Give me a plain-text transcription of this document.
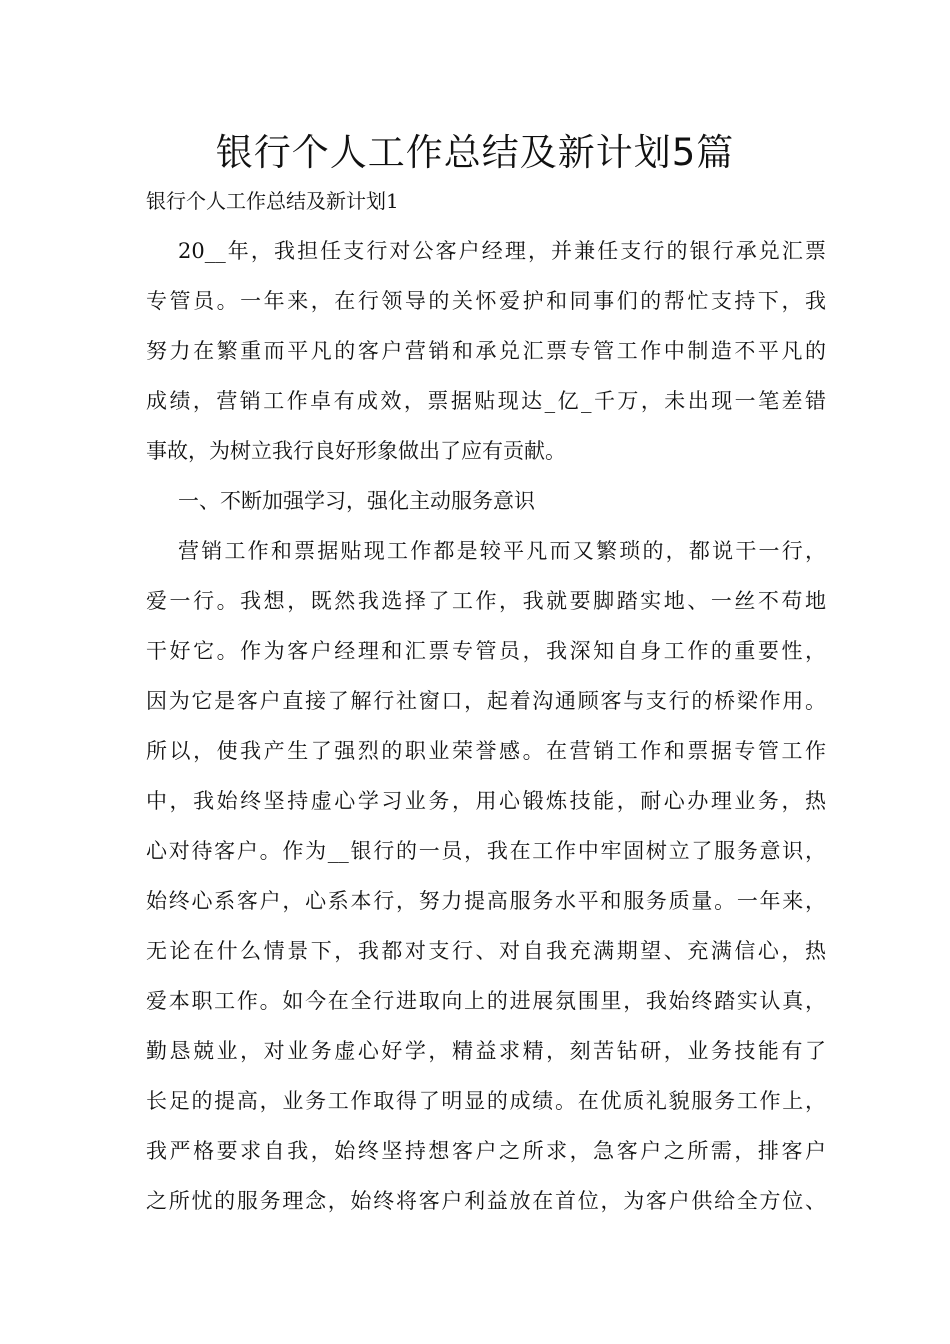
银行个人工作总结及新计划5篇
银行个人工作总结及新计划1
20__年，我担任支行对公客户经理，并兼任支行的银行承兑汇票
专管员。一年来，在行领导的关怀爱护和同事们的帮忙支持下，我
努力在繁重而平凡的客户营销和承兑汇票专管工作中制造不平凡的
成绩，营销工作卓有成效，票据贴现达_亿_千万，未出现一笔差错
事故，为树立我行良好形象做出了应有贡献。
一、不断加强学习，强化主动服务意识
营销工作和票据贴现工作都是较平凡而又繁琐的，都说干一行，
爱一行。我想，既然我选择了工作，我就要脚踏实地、一丝不苟地
干好它。作为客户经理和汇票专管员，我深知自身工作的重要性，
因为它是客户直接了解行社窗口，起着沟通顾客与支行的桥梁作用。
所以，使我产生了强烈的职业荣誉感。在营销工作和票据专管工作
中，我始终坚持虚心学习业务，用心锻炼技能，耐心办理业务，热
心对待客户。作为__银行的一员，我在工作中牢固树立了服务意识，
始终心系客户，心系本行，努力提高服务水平和服务质量。一年来，
无论在什么情景下，我都对支行、对自我充满期望、充满信心，热
爱本职工作。如今在全行进取向上的进展氛围里，我始终踏实认真，
勤恳兢业，对业务虚心好学，精益求精，刻苦钻研，业务技能有了
长足的提高，业务工作取得了明显的成绩。在优质礼貌服务工作上，
我严格要求自我，始终坚持想客户之所求，急客户之所需，排客户
之所忧的服务理念，始终将客户利益放在首位，为客户供给全方位、
